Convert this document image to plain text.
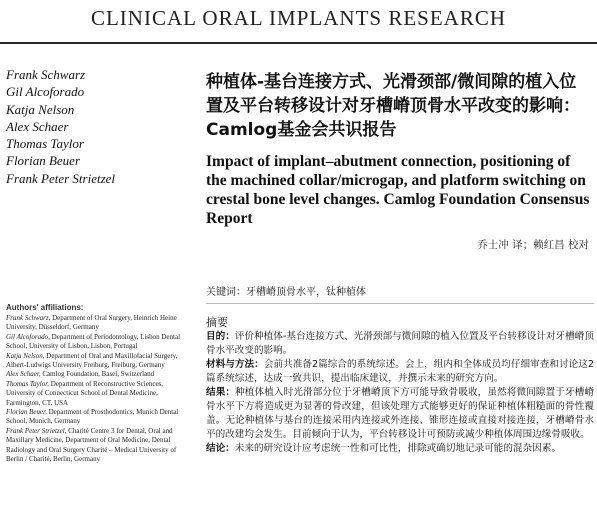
CLINICAL ORAL IMPLANTS RESEARCH
Frank Schwarz
Gil Alcoforado
Katja Nelson
Alex Schaer
Thomas Taylor
Florian Beuer
Frank Peter Strietzel
Authors' affiliations:
Frank Schwarz, Department of Oral Surgery, Heinrich Heine University, Düsseldorf, Germany
Gil Alcoforado, Department of Periodontology, Lisbon Dental School, University of Lisbon, Lisbon, Portugal
Katja Nelson, Department of Oral and Maxillofacial Surgery, Albert-Ludwigs University Freiburg, Freiburg, Germany
Alex Schaer, Camlog Foundation, Basel, Switzerland
Thomas Taylor, Department of Reconstructive Sciences, University of Connecticut School of Dental Medicine, Farmington, CT, USA
Florian Beuer, Department of Prosthodontics, Munich Dental School, Munich, Germany
Frank Peter Strietzel, Charité Centre 3 for Dental, Oral and Maxillary Medicine, Department of Oral Medicine, Dental Radiology and Oral Surgery Charité – Medical University of Berlin / Charité, Berlin, Germany
种植体-基台连接方式、光滑颈部/微间隙的植入位置及平台转移设计对牙槽嵴顶骨水平改变的影响：Camlog基金会共识报告
Impact of implant–abutment connection, positioning of the machined collar/microgap, and platform switching on crestal bone level changes. Camlog Foundation Consensus Report
乔士冲 译；赖红昌 校对
关键词：牙槽嵴顶骨水平，钛种植体
摘要

目的：评价种植体-基台连接方式、光滑颈部与微间隙的植入位置及平台转移设计对牙槽嵴顶骨水平改变的影响。

材料与方法：会前共准备2篇综合的系统综述。会上，组内和全体成员均仔细审查和讨论这2篇系统综述，达成一致共识，提出临床建议，并撰示未来的研究方向。

结果：种植体植入时光滑部分位于牙槽嵴顶下方可能导致骨吸收，虽然将微间隙置于牙槽嵴骨水平下方将造成更为显著的骨改建，但该处理方式能够更好的保证种植体粗糙面的骨性覆盖。无论种植体与基台的连接采用内连接或外连接、锥形连接或直接对接连接，牙槽嵴骨水平的改建均会发生。目前倾向于认为，平台转移设计可预防或减少种植体周围边缘骨吸收。

结论：未来的研究设计应考虑统一性和可比性，排除或确切地记录可能的混杂因素。
